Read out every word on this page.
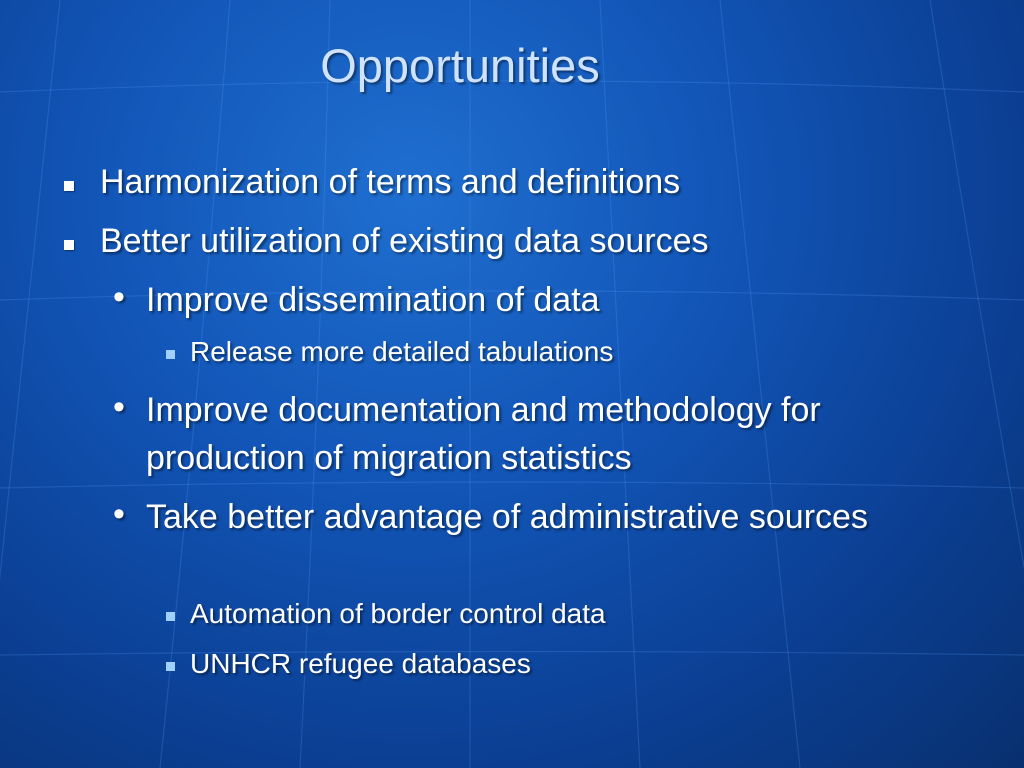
Opportunities
Harmonization of terms and definitions
Better utilization of existing data sources
• Improve dissemination of data
Release more detailed tabulations
• Improve documentation and methodology for production of migration statistics
• Take better advantage of administrative sources
Automation of border control data
UNHCR refugee databases
